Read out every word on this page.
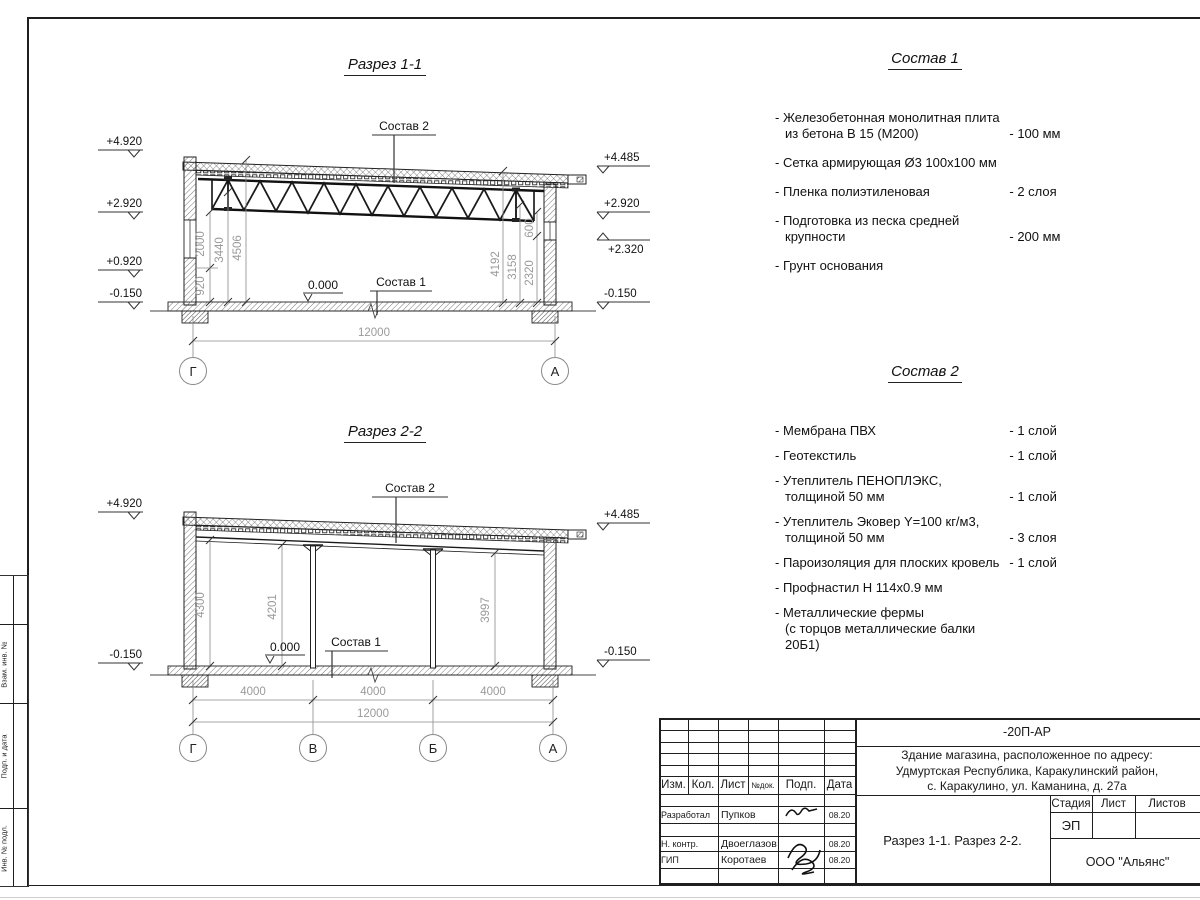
Разрез 1-1
Разрез 2-2
12000
920
2000 3440 4506
4192 3158 2320
600
Г	А
+4.920
+2.920
+0.920
-0.150
+4.485
+2.920
+2.320
-0.150
Состав 2
Состав 1
0.000
4000	4000	4000
12000
4300	4201	3997
Г	В	Б	А
+4.920
-0.150
+4.485
-0.150
Состав 2
Состав 1
0.000
Состав 1
- Железобетонная монолитная плита
из бетона В 15 (М200)	- 100 мм
- Сетка армирующая Ø3 100х100 мм
- Пленка полиэтиленовая	- 2 слоя
- Подготовка из песка средней
крупности	- 200 мм
- Грунт основания
Состав 2
- Мембрана ПВХ	- 1 слой
- Геотекстиль	- 1 слой
- Утеплитель ПЕНОПЛЭКС,
толщиной 50 мм	- 1 слой
- Утеплитель Эковер Y=100 кг/м3,
толщиной 50 мм	- 3 слоя
- Пароизоляция для плоских кровель - 1 слой
- Профнастил Н 114х0.9 мм
- Металлические фермы
(с торцов металлические балки 20Б1)
Взам. инв. №
Подп. и дата
Инв. № подл.
Изм. Кол. Лист №док. Подп. Дата
Разработал	Пупков	08.20
Н. контр.	Двоеглазов	08.20
ГИП	Коротаев	08.20
-20П-АР
Здание магазина, расположенное по адресу:
Удмуртская Республика, Каракулинский район,
с. Каракулино, ул. Каманина, д. 27а
Стадия Лист	Листов
ЭП
Разрез 1-1. Разрез 2-2.
ООО "Альянс"
